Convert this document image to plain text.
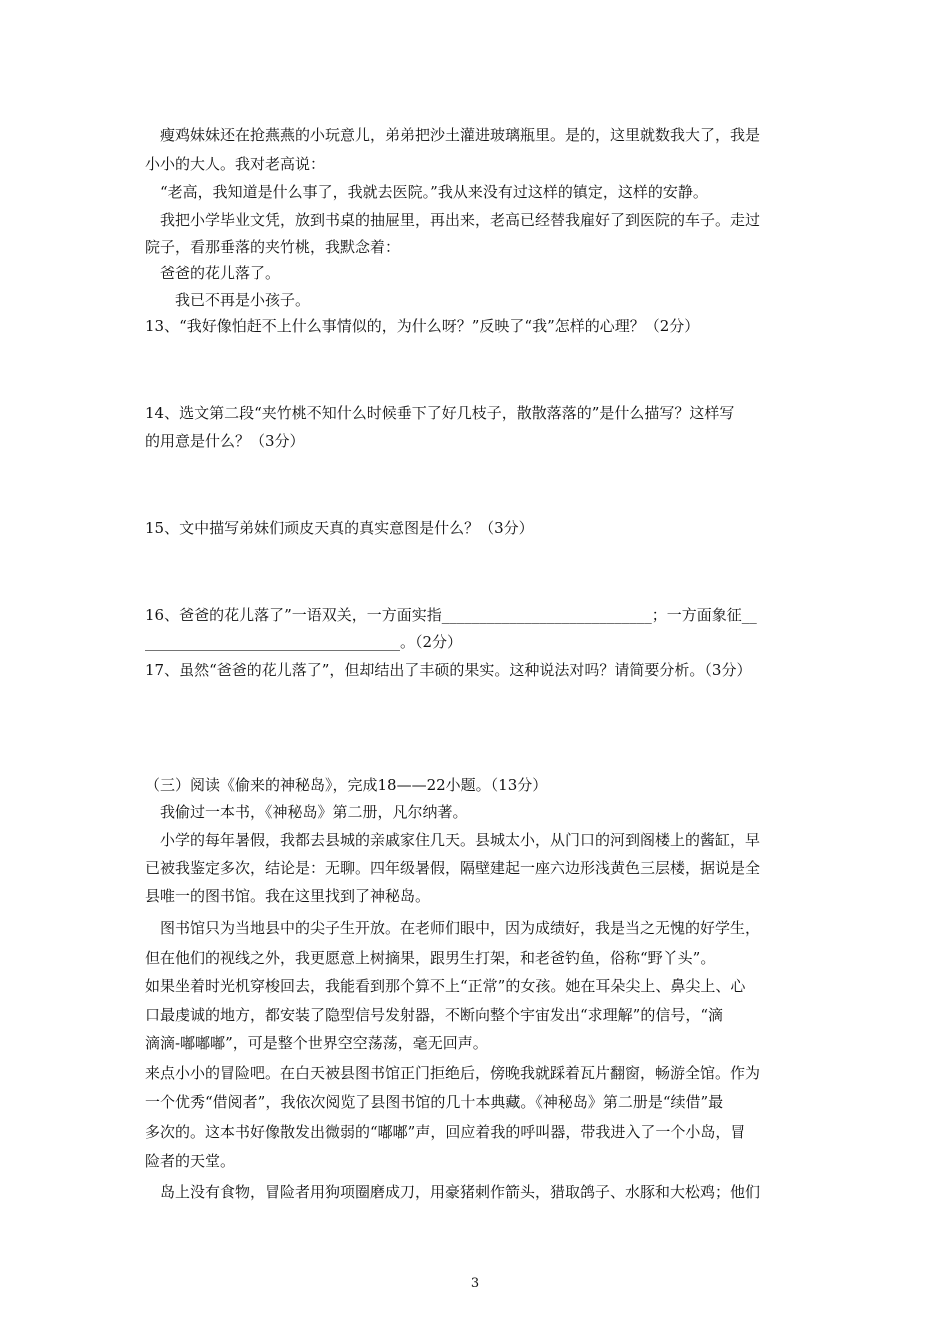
　瘦鸡妹妹还在抢燕燕的小玩意儿，弟弟把沙土灌进玻璃瓶里。是的，这里就数我大了，我是
小小的大人。我对老高说：
　“老高，我知道是什么事了，我就去医院。”我从来没有过这样的镇定，这样的安静。
　我把小学毕业文凭，放到书桌的抽屉里，再出来，老高已经替我雇好了到医院的车子。走过
院子，看那垂落的夹竹桃，我默念着：
　爸爸的花儿落了。
　　我已不再是小孩子。
13、“我好像怕赶不上什么事情似的，为什么呀？”反映了“我”怎样的心理？（2分）
14、选文第二段“夹竹桃不知什么时候垂下了好几枝子，散散落落的”是什么描写？这样写
的用意是什么？（3分）
15、文中描写弟妹们顽皮天真的真实意图是什么？（3分）
16、爸爸的花儿落了”一语双关，一方面实指____________________________；一方面象征__
__________________________________。（2分）
17、虽然“爸爸的花儿落了”，但却结出了丰硕的果实。这种说法对吗？请简要分析。（3分）
（三）阅读《偷来的神秘岛》，完成18——22小题。（13分）
　我偷过一本书，《神秘岛》第二册，凡尔纳著。
　小学的每年暑假，我都去县城的亲戚家住几天。县城太小，从门口的河到阁楼上的酱缸，早
已被我鉴定多次，结论是：无聊。四年级暑假，隔壁建起一座六边形浅黄色三层楼，据说是全
县唯一的图书馆。我在这里找到了神秘岛。
　图书馆只为当地县中的尖子生开放。在老师们眼中，因为成绩好，我是当之无愧的好学生，
但在他们的视线之外，我更愿意上树摘果，跟男生打架，和老爸钓鱼，俗称“野丫头”。
如果坐着时光机穿梭回去，我能看到那个算不上“正常”的女孩。她在耳朵尖上、鼻尖上、心
口最虔诚的地方，都安装了隐型信号发射器，不断向整个宇宙发出“求理解”的信号，“滴
滴滴-嘟嘟嘟”，可是整个世界空空荡荡，毫无回声。
来点小小的冒险吧。在白天被县图书馆正门拒绝后，傍晚我就踩着瓦片翻窗，畅游全馆。作为
一个优秀“借阅者”，我依次阅览了县图书馆的几十本典藏。《神秘岛》第二册是“续借”最
多次的。这本书好像散发出微弱的“嘟嘟”声，回应着我的呼叫器，带我进入了一个小岛，冒
险者的天堂。
　岛上没有食物，冒险者用狗项圈磨成刀，用豪猪刺作箭头，猎取鸽子、水豚和大松鸡；他们
3
